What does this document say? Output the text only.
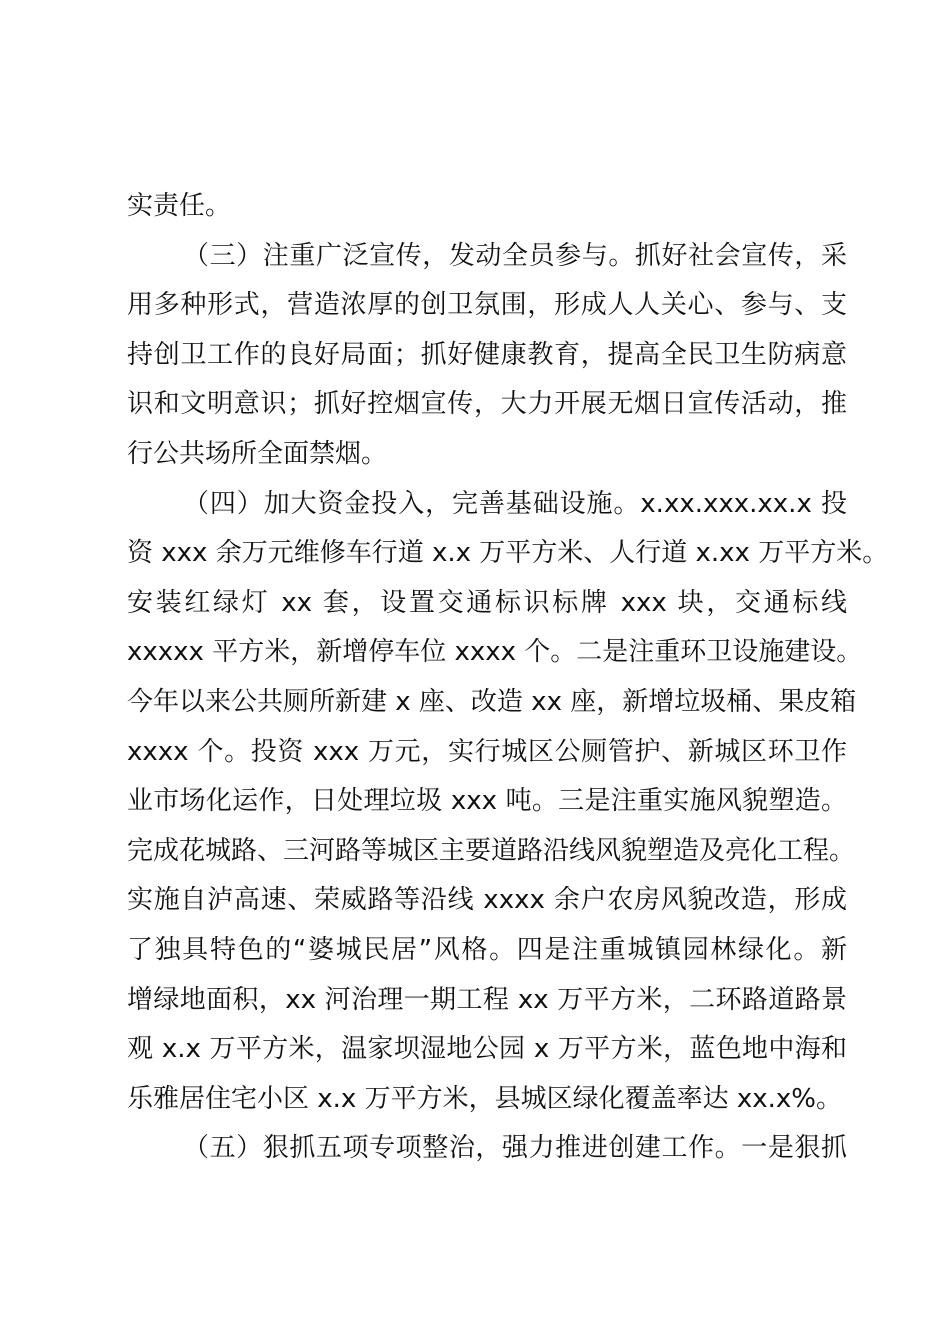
实责任。
（三）注重广泛宣传，发动全员参与。抓好社会宣传，采
用多种形式，营造浓厚的创卫氛围，形成人人关心、参与、支
持创卫工作的良好局面；抓好健康教育，提高全民卫生防病意
识和文明意识；抓好控烟宣传，大力开展无烟日宣传活动，推
行公共场所全面禁烟。
（四）加大资金投入，完善基础设施。x.xx.xxx.xx.x 投
资 xxx 余万元维修车行道 x.x 万平方米、人行道 x.xx 万平方米。
安装红绿灯 xx 套，设置交通标识标牌 xxx 块，交通标线
xxxxx 平方米，新增停车位 xxxx 个。二是注重环卫设施建设。
今年以来公共厕所新建 x 座、改造 xx 座，新增垃圾桶、果皮箱
xxxx 个。投资 xxx 万元，实行城区公厕管护、新城区环卫作
业市场化运作，日处理垃圾 xxx 吨。三是注重实施风貌塑造。
完成花城路、三河路等城区主要道路沿线风貌塑造及亮化工程。
实施自泸高速、荣威路等沿线 xxxx 余户农房风貌改造，形成
了独具特色的“婆城民居”风格。四是注重城镇园林绿化。新
增绿地面积，xx 河治理一期工程 xx 万平方米，二环路道路景
观 x.x 万平方米，温家坝湿地公园 x 万平方米，蓝色地中海和
乐雅居住宅小区 x.x 万平方米，县城区绿化覆盖率达 xx.x%。
（五）狠抓五项专项整治，强力推进创建工作。一是狠抓
